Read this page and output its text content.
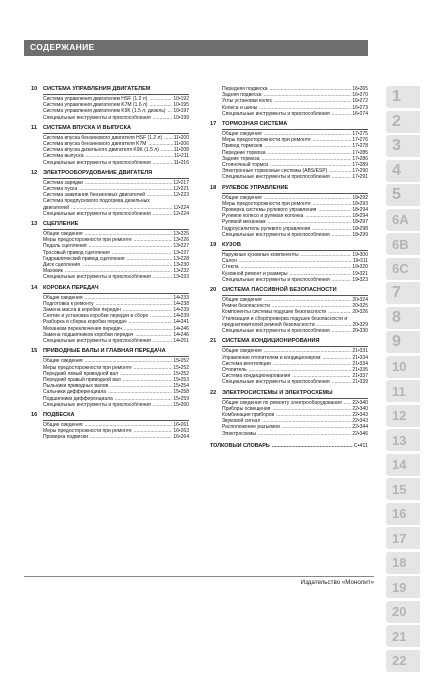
СОДЕРЖАНИЕ
10	СИСТЕМА УПРАВЛЕНИЯ ДВИГАТЕЛЕМ
Система управления двигателем HSF (1.2 л) .....	10•192
Система управления двигателем K7M (1.6 л) .....	10•195
Система управления двигателем K9K (1.5 л, дизель) .....	10•197
Специальные инструменты и приспособления .....	10•199
11	СИСТЕМА ВПУСКА И ВЫПУСКА
Система впуска бензинового двигателя HSF (1.2 л) .....	11•200
Система впуска бензинового двигателя K7M .....	11•206
Система впуска дизельного двигателя K9K (1.5 л) .....	11•208
Система выпуска .....	11•211
Специальные инструменты и приспособления .....	11•216
12	ЭЛЕКТРООБОРУДОВАНИЕ ДВИГАТЕЛЯ
Система зарядки .....	12•217
Система пуска .....	12•221
Система зажигания бензиновых двигателей .....	12•223
Система предпускового подогрева дизельных двигателей .....	12•224
Специальные инструменты и приспособления .....	12•224
13	СЦЕПЛЕНИЕ
Общие сведения .....	13•225
Меры предосторожности при ремонте .....	13•226
Педаль сцепления .....	13•227
Тросовый привод сцепления .....	13•227
Гидравлический привод сцепления .....	13•228
Диск сцепления .....	13•230
Маховик .....	13•232
Специальные инструменты и приспособления .....	13•233
14	КОРОБКА ПЕРЕДАЧ
Общие сведения .....	14•233
Подготовка к ремонту .....	14•238
Замена масла в коробке передач .....	14•239
Снятие и установка коробки передач в сборе .....	14•239
Разборка и сборка коробки передач .....	14•241
Механизм переключения передач .....	14•246
Замена подшипников коробки передач .....	14•246
Специальные инструменты и приспособления .....	14•251
15	ПРИВОДНЫЕ ВАЛЫ И ГЛАВНАЯ ПЕРЕДАЧА
Общие сведения .....	15•252
Меры предосторожности при ремонте .....	15•252
Передний левый приводной вал .....	15•252
Передний правый приводной вал .....	15•253
Пыльники приводных валов .....	15•254
Сальники дифференциала .....	15•258
Подшипники дифференциала .....	15•259
Специальные инструменты и приспособления .....	15•260
16	ПОДВЕСКА
Общие сведения .....	16•261
Меры предосторожности при ремонте .....	16•263
Проверка подвески .....	16•264
Передняя подвеска .....	16•265
Задняя подвеска .....	16•270
Углы установки колес .....	16•272
Колеса и шины .....	16•273
Специальные инструменты и приспособления .....	16•274
17	ТОРМОЗНАЯ СИСТЕМА
Общие сведения .....	17•275
Меры предосторожности при ремонте .....	17•276
Привод тормозов .....	17•278
Передние тормоза .....	17•285
Задние тормоза .....	17•286
Стояночный тормоз .....	17•289
Электронные тормозные системы (ABS/ESP) .....	17•290
Специальные инструменты и приспособления .....	17•291
18	РУЛЕВОЕ УПРАВЛЕНИЕ
Общие сведения .....	18•292
Меры предосторожности при ремонте .....	18•293
Проверка системы рулевого управления .....	18•294
Рулевое колесо и рулевая колонка .....	18•294
Рулевой механизм .....	18•297
Гидроусилитель рулевого управления .....	18•298
Специальные инструменты и приспособления .....	18•299
19	КУЗОВ
Наружные кузовные компоненты .....	19•300
Салон .....	19•311
Стекла .....	19•320
Кузовной ремонт и размеры .....	19•321
Специальные инструменты и приспособления .....	19•323
20	СИСТЕМА ПАССИВНОЙ БЕЗОПАСНОСТИ
Общие сведения .....	20•324
Ремни безопасности .....	20•325
Компоненты системы подушек безопасности .....	20•326
Утилизация и сбор/проверка подушек безопасности и преднатяжителей ремней безопасности .....	20•329
Специальные инструменты и приспособления .....	20•330
21	СИСТЕМА КОНДИЦИОНИРОВАНИЯ
Общие сведения .....	21•331
Управление отопителем и кондиционером .....	21•334
Система вентиляции .....	21•334
Отопитель .....	21•335
Система кондиционирования .....	21•337
Специальные инструменты и приспособления .....	21•339
22	ЭЛЕКТРОСИСТЕМЫ И ЭЛЕКТРОСХЕМЫ
Общие сведения по ремонту электрооборудования .....	22•340
Приборы освещения .....	22•340
Комбинация приборов .....	22•343
Звуковой сигнал .....	22•343
Расположение разъемов .....	22•344
Электросхемы .....	22•346
ТОЛКОВЫЙ СЛОВАРЬ .....	С•411
1
2
3
4
5
6A
6B
6C
7
8
9
10
11
12
13
14
15
16
17
18
19
20
21
22
Издательство «Монолит»
